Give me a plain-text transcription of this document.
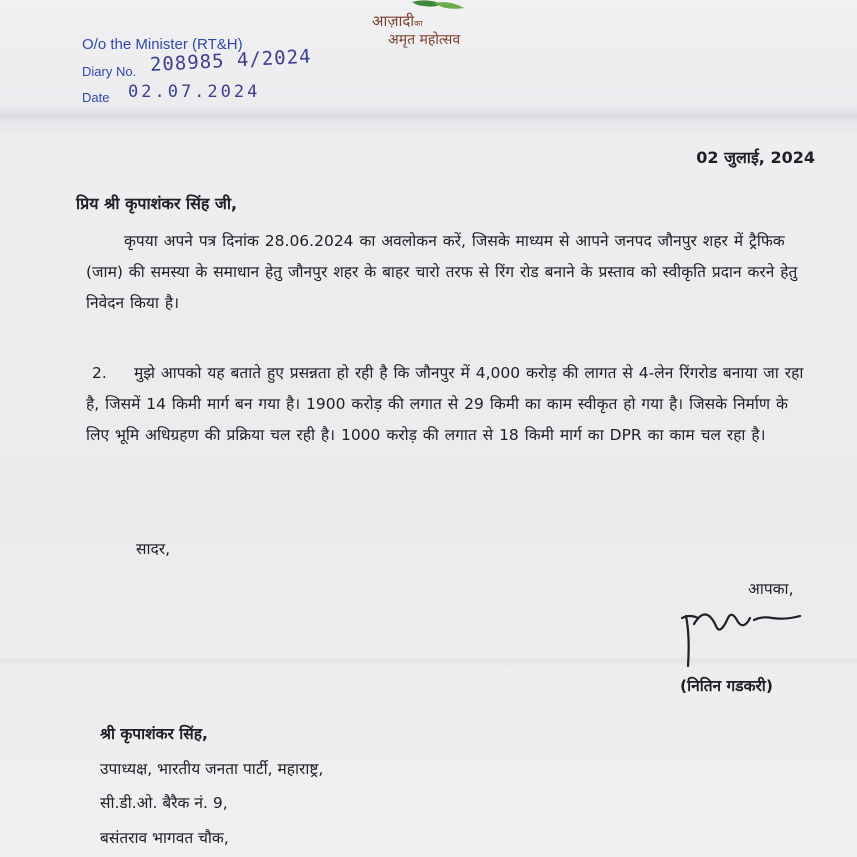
आज़ादीका
अमृत महोत्सव
O/o the Minister (RT&H)
Diary No. 208985 4/2024
Date 02.07.2024
02 जुलाई, 2024
प्रिय श्री कृपाशंकर सिंह जी,
कृपया अपने पत्र दिनांक 28.06.2024 का अवलोकन करें, जिसके माध्यम से आपने जनपद जौनपुर शहर में ट्रैफिक (जाम) की समस्या के समाधान हेतु जौनपुर शहर के बाहर चारो तरफ से रिंग रोड बनाने के प्रस्ताव को स्वीकृति प्रदान करने हेतु निवेदन किया है।
2. मुझे आपको यह बताते हुए प्रसन्नता हो रही है कि जौनपुर में 4,000 करोड़ की लागत से 4-लेन रिंगरोड बनाया जा रहा है, जिसमें 14 किमी मार्ग बन गया है। 1900 करोड़ की लगात से 29 किमी का काम स्वीकृत हो गया है। जिसके निर्माण के लिए भूमि अधिग्रहण की प्रक्रिया चल रही है। 1000 करोड़ की लगात से 18 किमी मार्ग का DPR का काम चल रहा है।
सादर,
आपका,
(नितिन गडकरी)
श्री कृपाशंकर सिंह,
उपाध्यक्ष, भारतीय जनता पार्टी, महाराष्ट्र,
सी.डी.ओ. बैरैक नं. 9,
बसंतराव भागवत चौक,
